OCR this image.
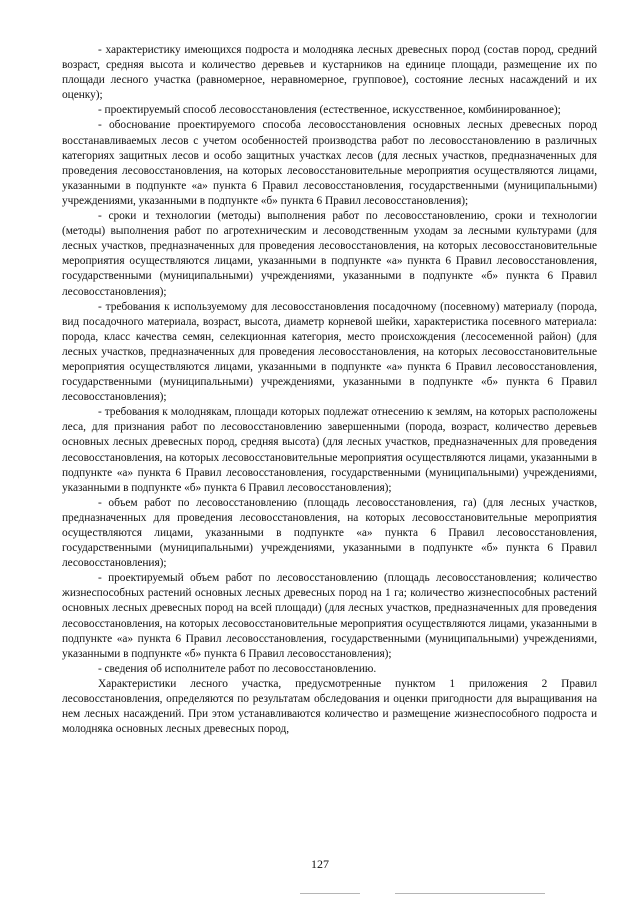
- характеристику имеющихся подроста и молодняка лесных древесных пород (состав пород, средний возраст, средняя высота и количество деревьев и кустарников на единице площади, размещение их по площади лесного участка (равномерное, неравномерное, групповое), состояние лесных насаждений и их оценку);

- проектируемый способ лесовосстановления (естественное, искусственное, комбинированное);

- обоснование проектируемого способа лесовосстановления основных лесных древесных пород восстанавливаемых лесов с учетом особенностей производства работ по лесовосстановлению в различных категориях защитных лесов и особо защитных участках лесов (для лесных участков, предназначенных для проведения лесовосстановления, на которых лесовосстановительные мероприятия осуществляются лицами, указанными в подпункте «а» пункта 6 Правил лесовосстановления, государственными (муниципальными) учреждениями, указанными в подпункте «б» пункта 6 Правил лесовосстановления);

- сроки и технологии (методы) выполнения работ по лесовосстановлению, сроки и технологии (методы) выполнения работ по агротехническим и лесоводственным уходам за лесными культурами (для лесных участков, предназначенных для проведения лесовосстановления, на которых лесовосстановительные мероприятия осуществляются лицами, указанными в подпункте «а» пункта 6 Правил лесовосстановления, государственными (муниципальными) учреждениями, указанными в подпункте «б» пункта 6 Правил лесовосстановления);

- требования к используемому для лесовосстановления посадочному (посевному) материалу (порода, вид посадочного материала, возраст, высота, диаметр корневой шейки, характеристика посевного материала: порода, класс качества семян, селекционная категория, место происхождения (лесосеменной район) (для лесных участков, предназначенных для проведения лесовосстановления, на которых лесовосстановительные мероприятия осуществляются лицами, указанными в подпункте «а» пункта 6 Правил лесовосстановления, государственными (муниципальными) учреждениями, указанными в подпункте «б» пункта 6 Правил лесовосстановления);

- требования к молоднякам, площади которых подлежат отнесению к землям, на которых расположены леса, для признания работ по лесовосстановлению завершенными (порода, возраст, количество деревьев основных лесных древесных пород, средняя высота) (для лесных участков, предназначенных для проведения лесовосстановления, на которых лесовосстановительные мероприятия осуществляются лицами, указанными в подпункте «а» пункта 6 Правил лесовосстановления, государственными (муниципальными) учреждениями, указанными в подпункте «б» пункта 6 Правил лесовосстановления);

- объем работ по лесовосстановлению (площадь лесовосстановления, га) (для лесных участков, предназначенных для проведения лесовосстановления, на которых лесовосстановительные мероприятия осуществляются лицами, указанными в подпункте «а» пункта 6 Правил лесовосстановления, государственными (муниципальными) учреждениями, указанными в подпункте «б» пункта 6 Правил лесовосстановления);

- проектируемый объем работ по лесовосстановлению (площадь лесовосстановления; количество жизнеспособных растений основных лесных древесных пород на 1 га; количество жизнеспособных растений основных лесных древесных пород на всей площади) (для лесных участков, предназначенных для проведения лесовосстановления, на которых лесовосстановительные мероприятия осуществляются лицами, указанными в подпункте «а» пункта 6 Правил лесовосстановления, государственными (муниципальными) учреждениями, указанными в подпункте «б» пункта 6 Правил лесовосстановления);

- сведения об исполнителе работ по лесовосстановлению.

Характеристики лесного участка, предусмотренные пунктом 1 приложения 2 Правил лесовосстановления, определяются по результатам обследования и оценки пригодности для выращивания на нем лесных насаждений. При этом устанавливаются количество и размещение жизнеспособного подроста и молодняка основных лесных древесных пород,

127
